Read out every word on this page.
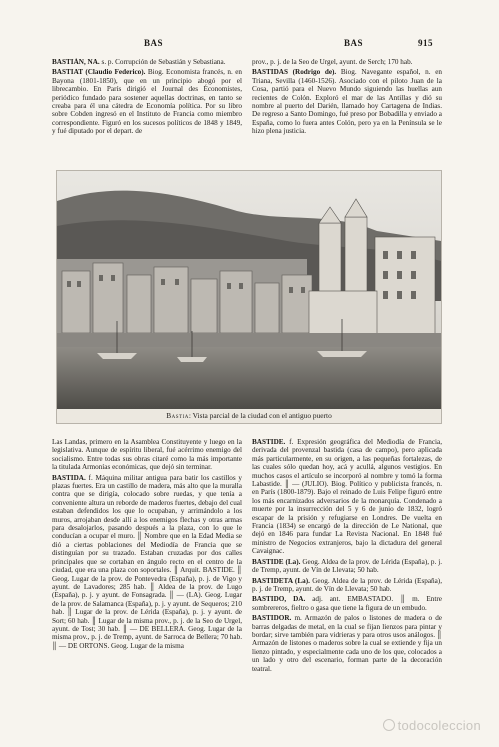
BAS	BAS	915

BASTIÁN, NA. s. p. Corrupción de Sebastián y Sebastiana.

BASTIAT (Claudio Federico). Biog. Economista francés, n. en Bayona (1801-1850), que en un principio abogó por el librecambio. En París dirigió el Journal des Économistes, periódico fundado para sostener aquellas doctrinas, en tanto se creaba para él una cátedra de Economía política. Por su libro sobre Cobden ingresó en el Instituto de Francia como miembro correspondiente. Figuró en los sucesos políticos de 1848 y 1849, y fué diputado por el depart. de

prov., p. j. de la Seo de Urgel, ayunt. de Serch; 170 hab.

BASTIDAS (Rodrigo de). Biog. Navegante español, n. en Triana, Sevilla (1460-1526). Asociado con el piloto Juan de la Cosa, partió para el Nuevo Mundo siguiendo las huellas aun recientes de Colón. Exploró el mar de las Antillas y dió su nombre al puerto del Darién, llamado hoy Cartagena de Indias. De regreso a Santo Domingo, fué preso por Bobadilla y enviado a España, como lo fuera antes Colón, pero ya en la Península se le hizo plena justicia.

Bastia: Vista parcial de la ciudad con el antiguo puerto

Las Landas, primero en la Asamblea Constituyente y luego en la legislativa. Aunque de espíritu liberal, fué acérrimo enemigo del socialismo. Entre todas sus obras citaré como la más importante la titulada Armonías económicas, que dejó sin terminar.

BASTIDA. f. Máquina militar antigua para batir los castillos y plazas fuertes. Era un castillo de madera, más alto que la muralla contra que se dirigía, colocado sobre ruedas, y que tenía a conveniente altura un reborde de maderos fuertes, debajo del cual estaban defendidos los que lo ocupaban, y arrimándolo a los muros, arrojaban desde allí a los enemigos flechas y otras armas para desalojarlos, pasando después a la plaza, con lo que le conducían a ocupar el muro. ║ Nombre que en la Edad Media se dió a ciertas poblaciones del Mediodía de Francia que se distinguían por su trazado. Estaban cruzadas por dos calles principales que se cortaban en ángulo recto en el centro de la ciudad, que era una plaza con soportales. ║ Arquit. BASTIDE. ║ Geog. Lugar de la prov. de Pontevedra (España), p. j. de Vigo y ayunt. de Lavadores; 285 hab. ║ Aldea de la prov. de Lugo (España), p. j. y ayunt. de Fonsagrada. ║ — (LA). Geog. Lugar de la prov. de Salamanca (España), p. j. y ayunt. de Sequeros; 210 hab. ║ Lugar de la prov. de Lérida (España), p. j. y ayunt. de Sort; 60 hab. ║ Lugar de la misma prov., p. j. de la Seo de Urgel, ayunt. de Tost; 30 hab. ║ — DE BELLERA. Geog. Lugar de la misma prov., p. j. de Tremp, ayunt. de Sarroca de Bellera; 70 hab. ║ — DE ORTONS. Geog. Lugar de la misma

BASTIDE. f. Expresión geográfica del Mediodía de Francia, derivada del provenzal bastida (casa de campo), pero aplicada más particularmente, en su origen, a las pequeñas fortalezas, de las cuales sólo quedan hoy, acá y acullá, algunos vestigios. En muchos casos el artículo se incorporó al nombre y tomó la forma Labastide. ║ — (JULIO). Biog. Político y publicista francés, n. en París (1800-1879). Bajo el reinado de Luis Felipe figuró entre los más encarnizados adversarios de la monarquía. Condenado a muerte por la insurrección del 5 y 6 de junio de 1832, logró escapar de la prisión y refugiarse en Londres. De vuelta en Francia (1834) se encargó de la dirección de Le National, que dejó en 1846 para fundar La Revista Nacional. En 1848 fué ministro de Negocios extranjeros, bajo la dictadura del general Cavaignac.

BASTIDE (La). Geog. Aldea de la prov. de Lérida (España), p. j. de Tremp, ayunt. de Vín de Llevata; 50 hab.

BASTIDETA (La). Geog. Aldea de la prov. de Lérida (España), p. j. de Tremp, ayunt. de Vín de Llevata; 50 hab.

BASTIDO, DA. adj. ant. EMBASTADO. ║ m. Entre sombrereros, fieltro o gasa que tiene la figura de un embudo.

BASTIDOR. m. Armazón de palos o listones de madera o de barras delgadas de metal, en la cual se fijan lienzos para pintar y bordar; sirve también para vidrieras y para otros usos análogos. ║ Armazón de listones o maderos sobre la cual se extiende y fija un lienzo pintado, y especialmente cada uno de los que, colocados a un lado y otro del escenario, forman parte de la decoración teatral.

todocoleccion
